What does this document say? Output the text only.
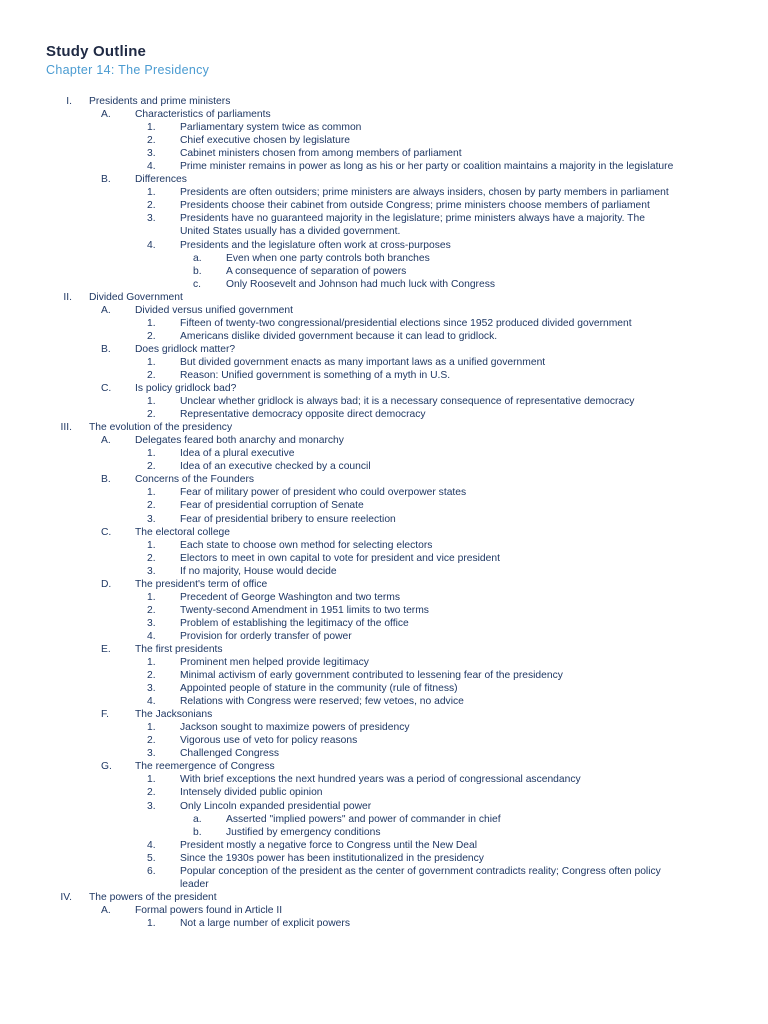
Study Outline
Chapter 14: The Presidency
I. Presidents and prime ministers
A. Characteristics of parliaments
1. Parliamentary system twice as common
2. Chief executive chosen by legislature
3. Cabinet ministers chosen from among members of parliament
4. Prime minister remains in power as long as his or her party or coalition maintains a majority in the legislature
B. Differences
1. Presidents are often outsiders; prime ministers are always insiders, chosen by party members in parliament
2. Presidents choose their cabinet from outside Congress; prime ministers choose members of parliament
3. Presidents have no guaranteed majority in the legislature; prime ministers always have a majority. The
United States usually has a divided government.
4. Presidents and the legislature often work at cross-purposes
a. Even when one party controls both branches
b. A consequence of separation of powers
c. Only Roosevelt and Johnson had much luck with Congress
II. Divided Government
A. Divided versus unified government
1. Fifteen of twenty-two congressional/presidential elections since 1952 produced divided government
2. Americans dislike divided government because it can lead to gridlock.
B. Does gridlock matter?
1. But divided government enacts as many important laws as a unified government
2. Reason: Unified government is something of a myth in U.S.
C. Is policy gridlock bad?
1. Unclear whether gridlock is always bad; it is a necessary consequence of representative democracy
2. Representative democracy opposite direct democracy
III. The evolution of the presidency
A. Delegates feared both anarchy and monarchy
1. Idea of a plural executive
2. Idea of an executive checked by a council
B. Concerns of the Founders
1. Fear of military power of president who could overpower states
2. Fear of presidential corruption of Senate
3. Fear of presidential bribery to ensure reelection
C. The electoral college
1. Each state to choose own method for selecting electors
2. Electors to meet in own capital to vote for president and vice president
3. If no majority, House would decide
D. The president's term of office
1. Precedent of George Washington and two terms
2. Twenty-second Amendment in 1951 limits to two terms
3. Problem of establishing the legitimacy of the office
4. Provision for orderly transfer of power
E. The first presidents
1. Prominent men helped provide legitimacy
2. Minimal activism of early government contributed to lessening fear of the presidency
3. Appointed people of stature in the community (rule of fitness)
4. Relations with Congress were reserved; few vetoes, no advice
F.	The Jacksonians
1. Jackson sought to maximize powers of presidency
2. Vigorous use of veto for policy reasons
3. Challenged Congress
G. The reemergence of Congress
1. With brief exceptions the next hundred years was a period of congressional ascendancy
2. Intensely divided public opinion
3. Only Lincoln expanded presidential power
a. Asserted "implied powers" and power of commander in chief
b. Justified by emergency conditions
4. President mostly a negative force to Congress until the New Deal
5. Since the 1930s power has been institutionalized in the presidency
6. Popular conception of the president as the center of government contradicts reality; Congress often policy
leader
IV. The powers of the president
A. Formal powers found in Article II
1. Not a large number of explicit powers
